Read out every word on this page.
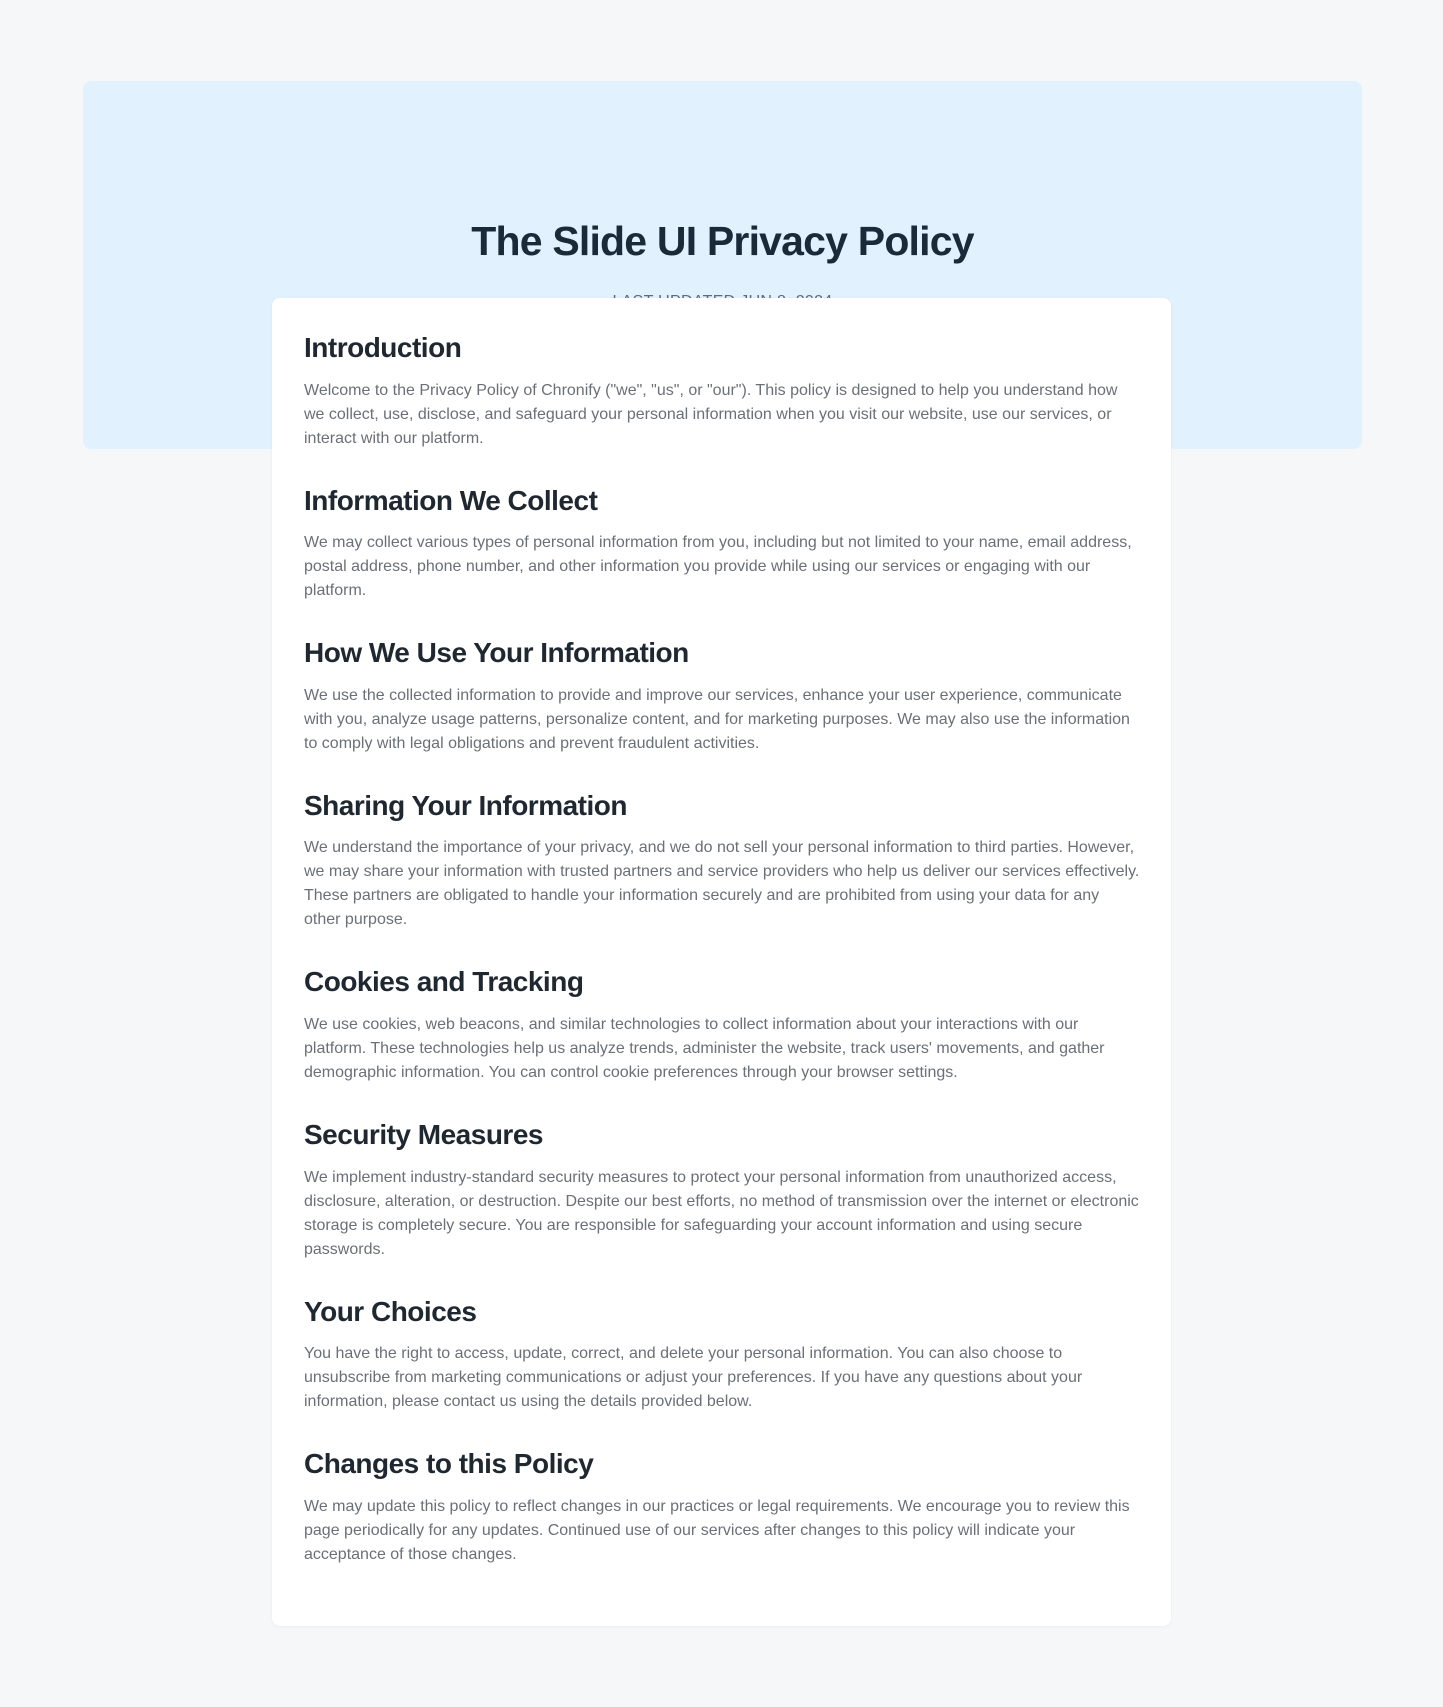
The Slide UI Privacy Policy
Introduction

Welcome to the Privacy Policy of Chronify ("we", "us", or "our"). This policy is designed to help you understand how we collect, use, disclose, and safeguard your personal information when you visit our website, use our services, or interact with our platform.

Information We Collect

We may collect various types of personal information from you, including but not limited to your name, email address, postal address, phone number, and other information you provide while using our services or engaging with our platform.

How We Use Your Information

We use the collected information to provide and improve our services, enhance your user experience, communicate with you, analyze usage patterns, personalize content, and for marketing purposes. We may also use the information to comply with legal obligations and prevent fraudulent activities.

Sharing Your Information

We understand the importance of your privacy, and we do not sell your personal information to third parties. However, we may share your information with trusted partners and service providers who help us deliver our services effectively. These partners are obligated to handle your information securely and are prohibited from using your data for any other purpose.

Cookies and Tracking

We use cookies, web beacons, and similar technologies to collect information about your interactions with our platform. These technologies help us analyze trends, administer the website, track users' movements, and gather demographic information. You can control cookie preferences through your browser settings.

Security Measures

We implement industry-standard security measures to protect your personal information from unauthorized access, disclosure, alteration, or destruction. Despite our best efforts, no method of transmission over the internet or electronic storage is completely secure. You are responsible for safeguarding your account information and using secure passwords.

Your Choices

You have the right to access, update, correct, and delete your personal information. You can also choose to unsubscribe from marketing communications or adjust your preferences. If you have any questions about your information, please contact us using the details provided below.

Changes to this Policy

We may update this policy to reflect changes in our practices or legal requirements. We encourage you to review this page periodically for any updates. Continued use of our services after changes to this policy will indicate your acceptance of those changes.
